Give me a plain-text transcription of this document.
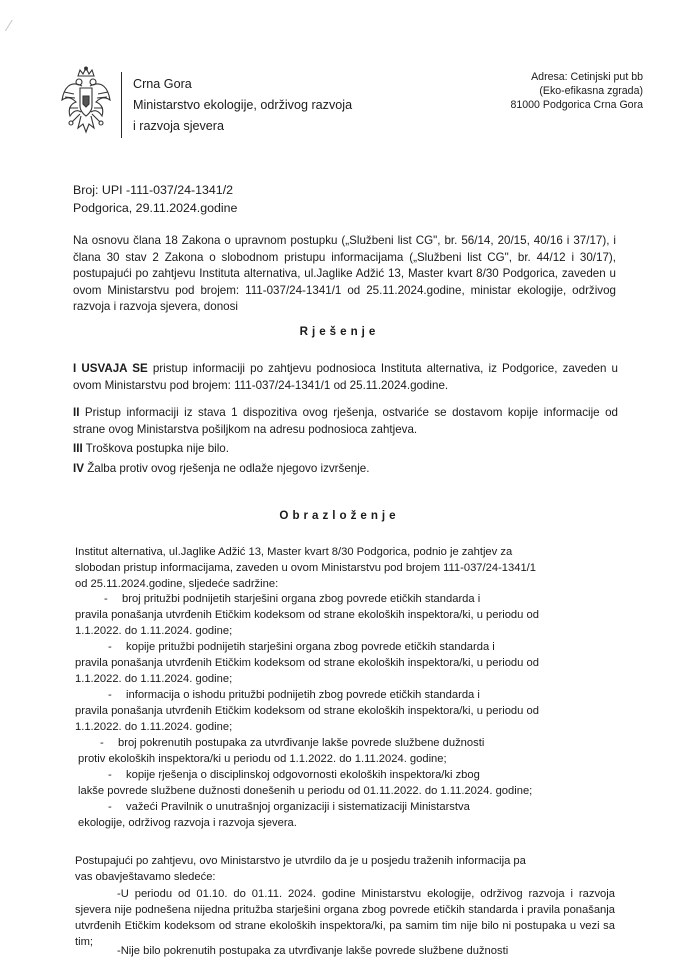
⁄
Crna Gora
Ministarstvo ekologije, održivog razvoja
i razvoja sjevera
Adresa: Cetinjski put bb
(Eko-efikasna zgrada)
81000 Podgorica Crna Gora
Broj: UPI -111-037/24-1341/2
Podgorica, 29.11.2024.godine
Na osnovu člana 18 Zakona o upravnom postupku („Službeni list CG", br. 56/14, 20/15, 40/16 i 37/17), i člana 30 stav 2 Zakona o slobodnom pristupu informacijama („Službeni list CG", br. 44/12 i 30/17), postupajući po zahtjevu Instituta alternativa, ul.Jaglike Adžić 13, Master kvart 8/30 Podgorica, zaveden u ovom Ministarstvu pod brojem: 111-037/24-1341/1 od 25.11.2024.godine, ministar ekologije, održivog razvoja i razvoja sjevera, donosi
Rješenje
I USVAJA SE pristup informaciji po zahtjevu podnosioca Instituta alternativa, iz Podgorice, zaveden u ovom Ministarstvu pod brojem: 111-037/24-1341/1 od 25.11.2024.godine.
II Pristup informaciji iz stava 1 dispozitiva ovog rješenja, ostvariće se dostavom kopije informacije od strane ovog Ministarstva pošiljkom na adresu podnosioca zahtjeva.
III Troškova postupka nije bilo.
IV Žalba protiv ovog rješenja ne odlaže njegovo izvršenje.
Obrazloženje
Institut alternativa, ul.Jaglike Adžić 13, Master kvart 8/30 Podgorica, podnio je zahtjev za
slobodan pristup informacijama, zaveden u ovom Ministarstvu pod brojem 111-037/24-1341/1
od 25.11.2024.godine, sljedeće sadržine:
- broj pritužbi podnijetih starješini organa zbog povrede etičkih standarda i
pravila ponašanja utvrđenih Etičkim kodeksom od strane ekoloških inspektora/ki, u periodu od
1.1.2022. do 1.11.2024. godine;
- kopije pritužbi podnijetih starješini organa zbog povrede etičkih standarda i
pravila ponašanja utvrđenih Etičkim kodeksom od strane ekoloških inspektora/ki, u periodu od
1.1.2022. do 1.11.2024. godine;
- informacija o ishodu pritužbi podnijetih zbog povrede etičkih standarda i
pravila ponašanja utvrđenih Etičkim kodeksom od strane ekoloških inspektora/ki, u periodu od
1.1.2022. do 1.11.2024. godine;
- broj pokrenutih postupaka za utvrđivanje lakše povrede službene dužnosti
protiv ekoloških inspektora/ki u periodu od 1.1.2022. do 1.11.2024. godine;
- kopije rješenja o disciplinskoj odgovornosti ekoloških inspektora/ki zbog
lakše povrede službene dužnosti donešenih u periodu od 01.11.2022. do 1.11.2024. godine;
- važeći Pravilnik o unutrašnjoj organizaciji i sistematizaciji Ministarstva
ekologije, održivog razvoja i razvoja sjevera.
Postupajući po zahtjevu, ovo Ministarstvo je utvrdilo da je u posjedu traženih informacija pa
vas obavještavamo sledeće:
-U periodu od 01.10. do 01.11. 2024. godine Ministarstvu ekologije, održivog razvoja i razvoja sjevera nije podnešena nijedna pritužba starješini organa zbog povrede etičkih standarda i pravila ponašanja utvrđenih Etičkim kodeksom od strane ekoloških inspektora/ki, pa samim tim nije bilo ni postupaka u vezi sa tim;
-Nije bilo pokrenutih postupaka za utvrđivanje lakše povrede službene dužnosti
